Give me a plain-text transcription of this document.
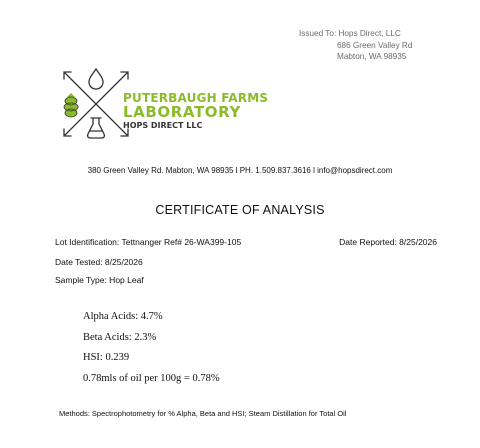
Issued To: Hops Direct, LLC
686 Green Valley Rd
Mabton, WA 98935
PUTERBAUGH FARMS
LABORATORY
HOPS DIRECT LLC
380 Green Valley Rd. Mabton, WA 98935 l PH. 1.509.837.3616 l info@hopsdirect.com
CERTIFICATE OF ANALYSIS
Lot Identification: Tettnanger Ref# 26-WA399-105	Date Reported: 8/25/2026
Date Tested: 8/25/2026
Sample Type: Hop Leaf
Alpha Acids: 4.7%
Beta Acids: 2.3%
HSI: 0.239
0.78mls of oil per 100g = 0.78%
Methods: Spectrophotometry for % Alpha, Beta and HSI; Steam Distillation for Total Oil
